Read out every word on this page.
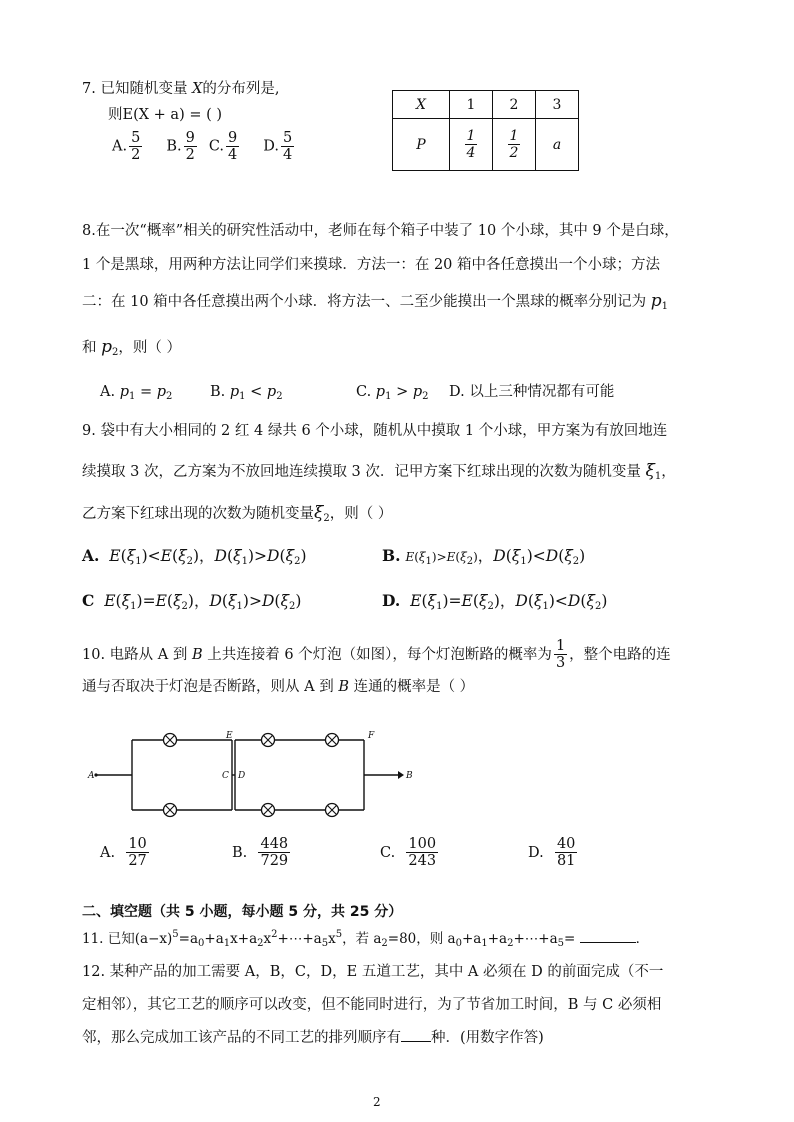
7. 已知随机变量 X的分布列是,
则E(X + a) = ( )
A. $\frac{5}{2} B$. $\frac{9}{2} C$. $\frac{9}{4} D$. $\frac{5}{4}$
X	1	2	3
P	$\frac{1}{4}$	$\frac{1}{2}$	a
8.在一次“概率”相关的研究性活动中，老师在每个箱子中装了 10 个小球，其中 9 个是白球，
1 个是黑球，用两种方法让同学们来摸球．方法一：在 20 箱中各任意摸出一个小球；方法
二：在 10 箱中各任意摸出两个小球．将方法一、二至少能摸出一个黑球的概率分别记为 $p_1$
和 $p_2$，则（ ）
A. $p_1 = p_2$	B. $p_1 < p_2$	C. $p_1 > p_2$ D. 以上三种情况都有可能
9. 袋中有大小相同的 2 红 4 绿共 6 个小球，随机从中摸取 1 个小球，甲方案为有放回地连
续摸取 3 次，乙方案为不放回地连续摸取 3 次．记甲方案下红球出现的次数为随机变量 $\xi_1$，
乙方案下红球出现的次数为随机变量$\xi_2$，则（ ）
A. $E(\xi_1)<E(\xi_2)$，$D(\xi_1)>D(\xi_2)$	B. $E(\xi_1)>E(\xi_2)$，$D(\xi_1)<D(\xi_2)$
C $E(\xi_1)=E(\xi_2)$，$D(\xi_1)>D(\xi_2)$	D. $E(\xi_1)=E(\xi_2)$，$D(\xi_1)<D(\xi_2)$
10. 电路从 A 到
B
上共连接着 6 个灯泡（如图），每个灯泡断路的概率为 $\frac{1}{3}$ ，整个电路的连
通与否取决于灯泡是否断路，则从 A 到 B 连通的概率是（ ）
A	C D
E	F
B
A.
$\frac{10}{27}$	B.
$\frac{448}{729}$	C.
$\frac{100}{243}$	D.
$\frac{40}{81}$
二、填空题（共 5 小题，每小题 5 分，共 25 分）
11. 已知$(a-x)^5=a_0+a_1x+a_2x^2+\cdots+a_5x^5$，若 $a_2=80$，则 $a_0+a_1+a_2+\cdots+a_5=$	．
12. 某种产品的加工需要 A，B，C，D，E 五道工艺，其中 A 必须在 D 的前面完成（不一
定相邻），其它工艺的顺序可以改变，但不能同时进行，为了节省加工时间，B 与 C 必须相
邻，那么完成加工该产品的不同工艺的排列顺序有 种．(用数字作答)
2
